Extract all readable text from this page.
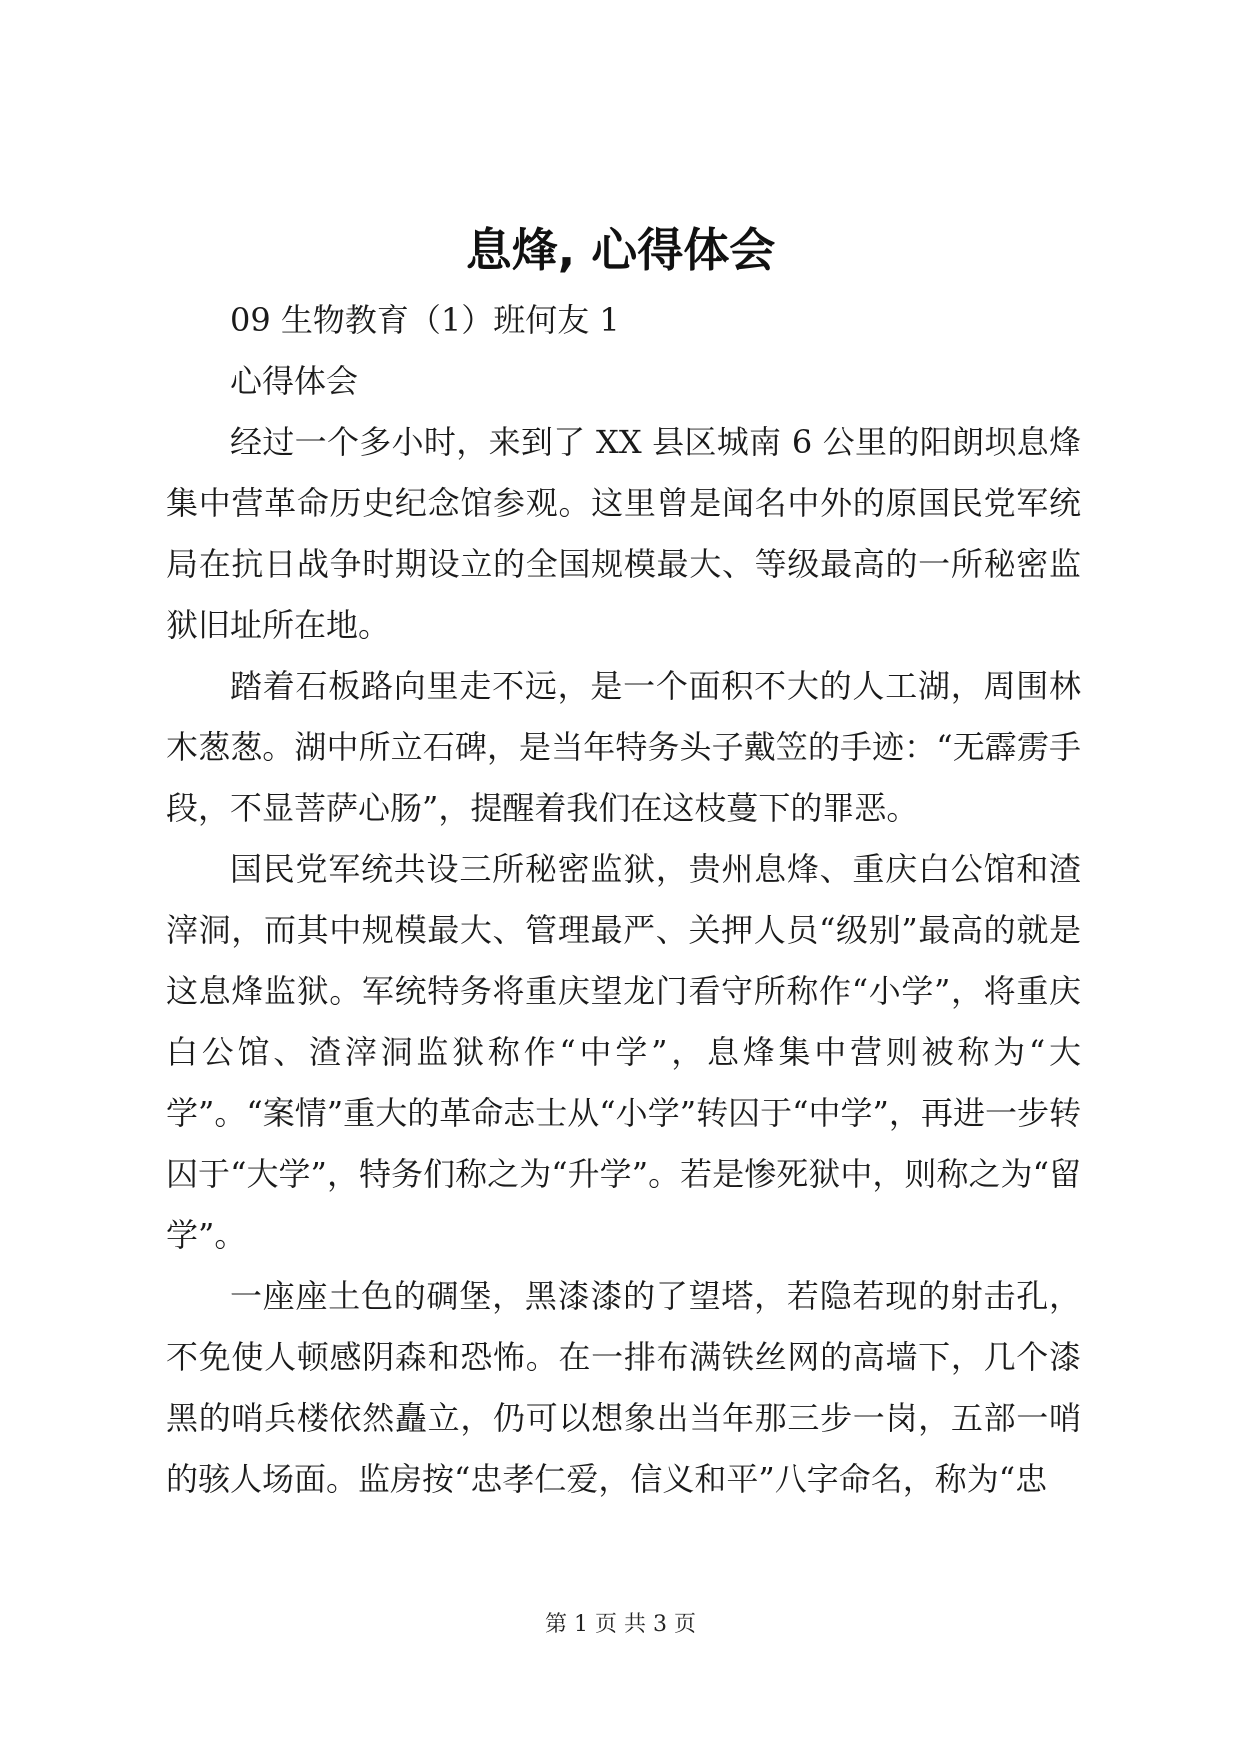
息烽, 心得体会

09 生物教育（1）班何友 1

心得体会

经过一个多小时，来到了 XX 县区城南 6 公里的阳朗坝息烽集中营革命历史纪念馆参观。这里曾是闻名中外的原国民党军统局在抗日战争时期设立的全国规模最大、等级最高的一所秘密监狱旧址所在地。

踏着石板路向里走不远，是一个面积不大的人工湖，周围林木葱葱。湖中所立石碑，是当年特务头子戴笠的手迹：“无霹雳手段，不显菩萨心肠”，提醒着我们在这枝蔓下的罪恶。

国民党军统共设三所秘密监狱，贵州息烽、重庆白公馆和渣滓洞，而其中规模最大、管理最严、关押人员“级别”最高的就是这息烽监狱。军统特务将重庆望龙门看守所称作“小学”，将重庆白公馆、渣滓洞监狱称作“中学”，息烽集中营则被称为“大学”。“案情”重大的革命志士从“小学”转囚于“中学”，再进一步转囚于“大学”，特务们称之为“升学”。若是惨死狱中，则称之为“留学”。

一座座土色的碉堡，黑漆漆的了望塔，若隐若现的射击孔，不免使人顿感阴森和恐怖。在一排布满铁丝网的高墙下，几个漆黑的哨兵楼依然矗立，仍可以想象出当年那三步一岗，五部一哨的骇人场面。监房按“忠孝仁爱，信义和平”八字命名，称为“忠

第 1 页 共 3 页
